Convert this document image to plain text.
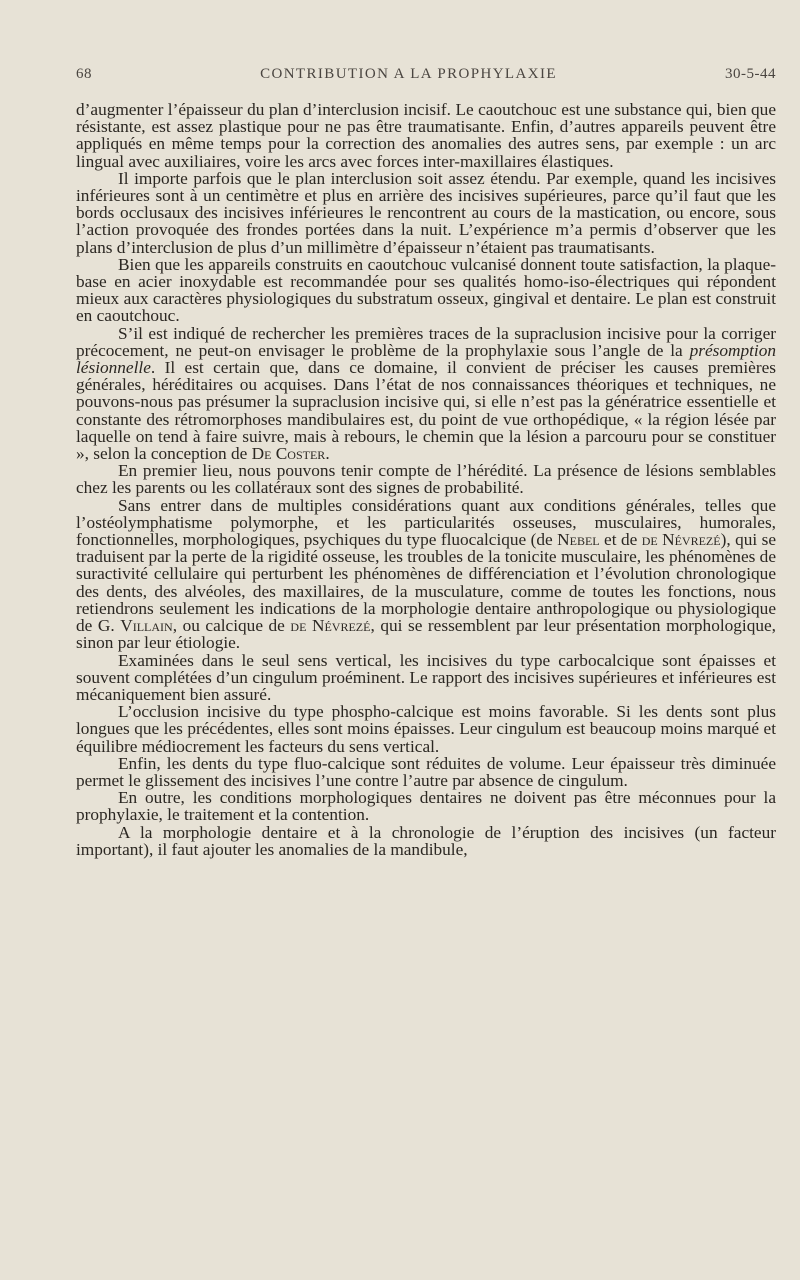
68	CONTRIBUTION A LA PROPHYLAXIE	30-5-44

d’augmenter l’épaisseur du plan d’interclusion incisif. Le caoutchouc est une substance qui, bien que résistante, est assez plastique pour ne pas être traumatisante. Enfin, d’autres appareils peuvent être appliqués en même temps pour la correction des anomalies des autres sens, par exemple : un arc lingual avec auxiliaires, voire les arcs avec forces inter-maxillaires élastiques.

Il importe parfois que le plan interclusion soit assez étendu. Par exemple, quand les incisives inférieures sont à un centimètre et plus en arrière des incisives supérieures, parce qu’il faut que les bords occlusaux des incisives inférieures le rencontrent au cours de la mastication, ou encore, sous l’action provoquée des frondes portées dans la nuit. L’expérience m’a permis d’observer que les plans d’interclusion de plus d’un millimètre d’épaisseur n’étaient pas traumatisants.

Bien que les appareils construits en caoutchouc vulcanisé donnent toute satisfaction, la plaque-base en acier inoxydable est recommandée pour ses qualités homo-iso-électriques qui répondent mieux aux caractères physiologiques du substratum osseux, gingival et dentaire. Le plan est construit en caoutchouc.

S’il est indiqué de rechercher les premières traces de la supraclusion incisive pour la corriger précocement, ne peut-on envisager le problème de la prophylaxie sous l’angle de la présomption lésionnelle. Il est certain que, dans ce domaine, il convient de préciser les causes premières générales, héréditaires ou acquises. Dans l’état de nos connaissances théoriques et techniques, ne pouvons-nous pas présumer la supraclusion incisive qui, si elle n’est pas la génératrice essentielle et constante des rétromorphoses mandibulaires est, du point de vue orthopédique, « la région lésée par laquelle on tend à faire suivre, mais à rebours, le chemin que la lésion a parcouru pour se constituer », selon la conception de De Coster.

En premier lieu, nous pouvons tenir compte de l’hérédité. La présence de lésions semblables chez les parents ou les collatéraux sont des signes de probabilité.

Sans entrer dans de multiples considérations quant aux conditions générales, telles que l’ostéolymphatisme polymorphe, et les particularités osseuses, musculaires, humorales, fonctionnelles, morphologiques, psychiques du type fluocalcique (de Nebel et de de Névrezé), qui se traduisent par la perte de la rigidité osseuse, les troubles de la tonicite musculaire, les phénomènes de suractivité cellulaire qui perturbent les phénomènes de différenciation et l’évolution chronologique des dents, des alvéoles, des maxillaires, de la musculature, comme de toutes les fonctions, nous retiendrons seulement les indications de la morphologie dentaire anthropologique ou physiologique de G. Villain, ou calcique de de Névrezé, qui se ressemblent par leur présentation morphologique, sinon par leur étiologie.

Examinées dans le seul sens vertical, les incisives du type carbocalcique sont épaisses et souvent complétées d’un cingulum proéminent. Le rapport des incisives supérieures et inférieures est mécaniquement bien assuré.

L’occlusion incisive du type phospho-calcique est moins favorable. Si les dents sont plus longues que les précédentes, elles sont moins épaisses. Leur cingulum est beaucoup moins marqué et équilibre médiocrement les facteurs du sens vertical.

Enfin, les dents du type fluo-calcique sont réduites de volume. Leur épaisseur très diminuée permet le glissement des incisives l’une contre l’autre par absence de cingulum.

En outre, les conditions morphologiques dentaires ne doivent pas être méconnues pour la prophylaxie, le traitement et la contention.

A la morphologie dentaire et à la chronologie de l’éruption des incisives (un facteur important), il faut ajouter les anomalies de la mandibule,
